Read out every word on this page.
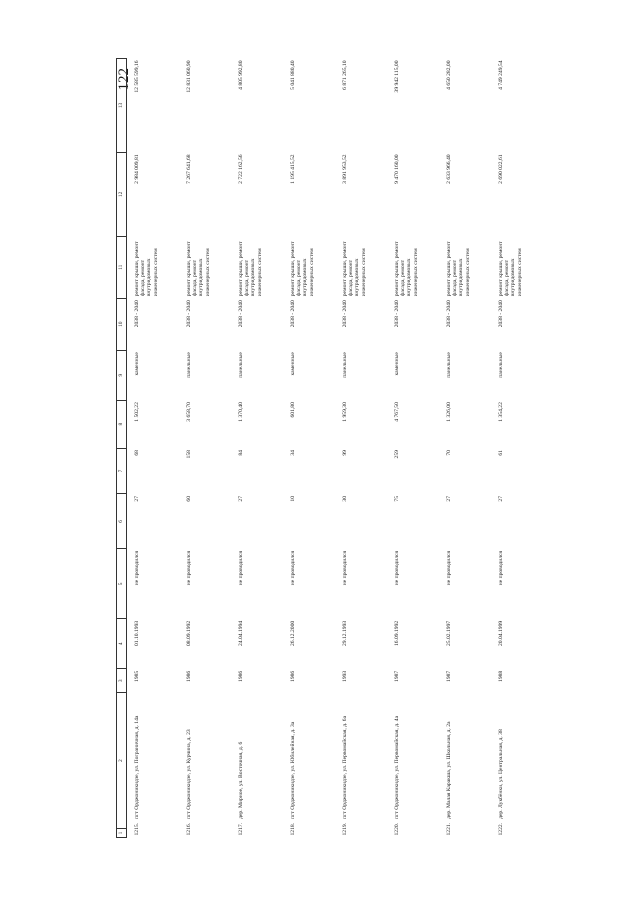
122
1	2	3	4	5	6	7	8	9	10	11	12	13
1215.пгт Орджоникидзе, ул. Пограничная, д. 14а		1985	01.10.1993	не проводился	27	68	1 502,22	каменные	2038 - 2040	ремонт крыши, ремонт фасада, ремонт внутридомовых инженерных систем	2 984 009,81	12 585 599,16
1216.пгт Орджоникидзе, ул. Курчина, д. 23		1986	08.09.1992	не проводился	60	158	3 658,70	панельные	2038 - 2040	ремонт крыши, ремонт фасада, ремонт внутридомовых инженерных систем	7 267 641,68	12 831 060,90
1217.дер. Мирное, ул. Восточная, д. 6		1986	24.04.1994	не проводился	27	84	1 370,40	панельные	2038 - 2040	ремонт крыши, ремонт фасада, ремонт внутридомовых инженерных систем	2 722 162,56	4 805 992,80
1218.пгт Орджоникидзе, ул. Юбилейная, д. 3а		1986	26.12.2000	не проводился	10	34	601,80	каменные	2038 - 2040	ремонт крыши, ремонт фасада, ремонт внутридомовых инженерных систем	1 195 415,52	5 041 880,40
1219.пгт Орджоникидзе, ул. Первомайская, д. 6а		1993	29.12.1993	не проводился	30	99	1 959,30	панельные	2038 - 2040	ремонт крыши, ремонт фасада, ремонт внутридомовых инженерных систем	3 891 953,52	6 871 265,10
1220.пгт Орджоникидзе, ул. Первомайская, д. 4а		1987	16.09.1992	не проводился	75	259	4 767,50	каменные	2038 - 2040	ремонт крыши, ремонт фасада, ремонт внутридомовых инженерных систем	9 470 160,00	39 942 115,00
1221.дер. Малая Каракша, ул. Школьная, д. 2а		1987	25.02.1997	не проводился	27	70	1 326,00	панельные	2038 - 2040	ремонт крыши, ремонт фасада, ремонт внутридомовых инженерных систем	2 633 966,40	4 650 282,00
1222.дер. Лукбёнки, ул. Центральная, д. 38		1988	20.04.1999	не проводился	27	61	1 354,22	панельные	2038 - 2040	ремонт крыши, ремонт фасада, ремонт внутридомовых инженерных систем	2 690 022,61	4 749 249,54
